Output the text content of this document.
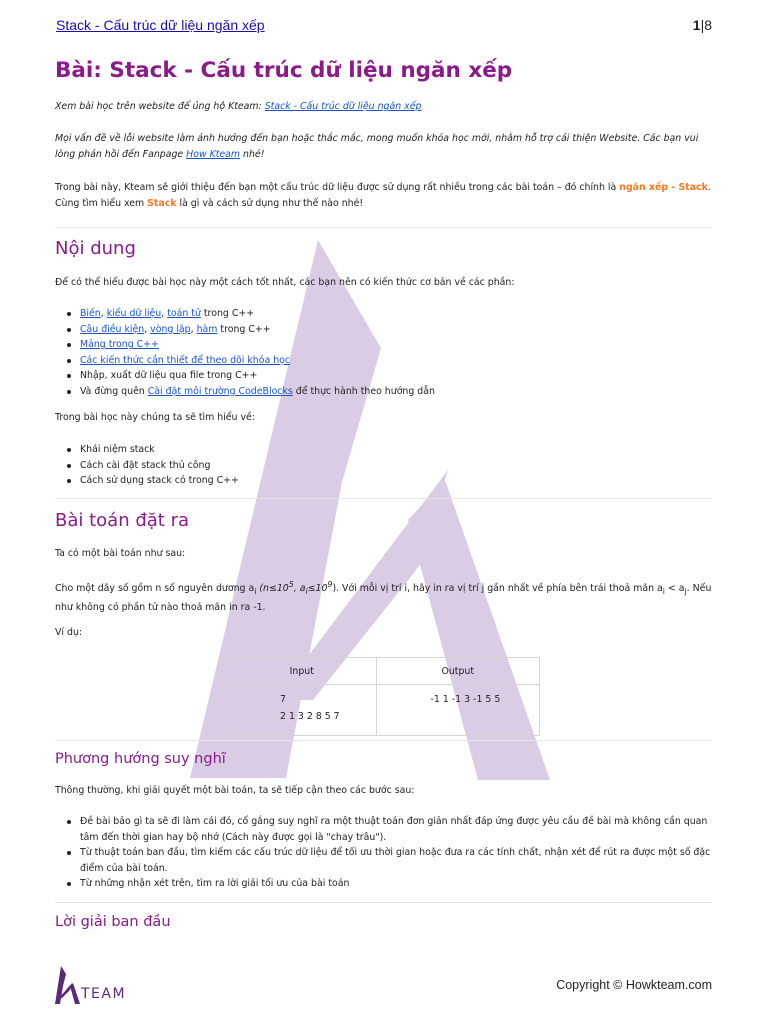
Stack - Cấu trúc dữ liệu ngăn xếp	1|8
Bài: Stack - Cấu trúc dữ liệu ngăn xếp

Xem bài học trên website để ủng hộ Kteam: Stack - Cấu trúc dữ liệu ngăn xếp

Mọi vấn đề về lỗi website làm ảnh hưởng đến bạn hoặc thắc mắc, mong muốn khóa học mới, nhằm hỗ trợ cải thiện Website. Các bạn vui lòng phản hồi đến Fanpage How Kteam nhé!

Trong bài này, Kteam sẽ giới thiệu đến bạn một cấu trúc dữ liệu được sử dụng rất nhiều trong các bài toán – đó chính là ngăn xếp - Stack. Cùng tìm hiểu xem Stack là gì và cách sử dụng như thế nào nhé!

Nội dung

Để có thể hiểu được bài học này một cách tốt nhất, các bạn nên có kiến thức cơ bản về các phần:

Biến, kiểu dữ liệu, toán tử trong C++
Câu điều kiện, vòng lặp, hàm trong C++
Mảng trong C++
Các kiến thức cần thiết để theo dõi khóa học
Nhập, xuất dữ liệu qua file trong C++
Và đừng quên Cài đặt môi trường CodeBlocks để thực hành theo hướng dẫn

Trong bài học này chúng ta sẽ tìm hiểu về:

Khái niệm stack
Cách cài đặt stack thủ công
Cách sử dụng stack có trong C++
Bài toán đặt ra

Ta có một bài toán như sau:

Cho một dãy số gồm n số nguyên dương $a_i$ ($n\le 10^5$, $a_i\le 10^9$). Với mỗi vị trí i, hãy in ra vị trí j gần nhất về phía bên trái thoả mãn $a_i < a_j$. Nếu như không có phần tử nào thoả mãn in ra -1.

Ví dụ:

Input	Output

7
2 1 3 2 8 5 7	-1 1 -1 3 -1 5 5
Phương hướng suy nghĩ

Thông thường, khi giải quyết một bài toán, ta sẽ tiếp cận theo các bước sau:

Đề bài bảo gì ta sẽ đi làm cái đó, cố gắng suy nghĩ ra một thuật toán đơn giản nhất đáp ứng được yêu cầu đề bài mà không cần quan tâm đến thời gian hay bộ nhớ (Cách này được gọi là "chay trâu").
Từ thuật toán ban đầu, tìm kiếm các cấu trúc dữ liệu để tối ưu thời gian hoặc đưa ra các tính chất, nhận xét để rút ra được một số đặc điểm của bài toán.
Từ những nhận xét trên, tìm ra lời giải tối ưu của bài toán
Lời giải ban đầu
TEAM
Copyright © Howkteam.com
